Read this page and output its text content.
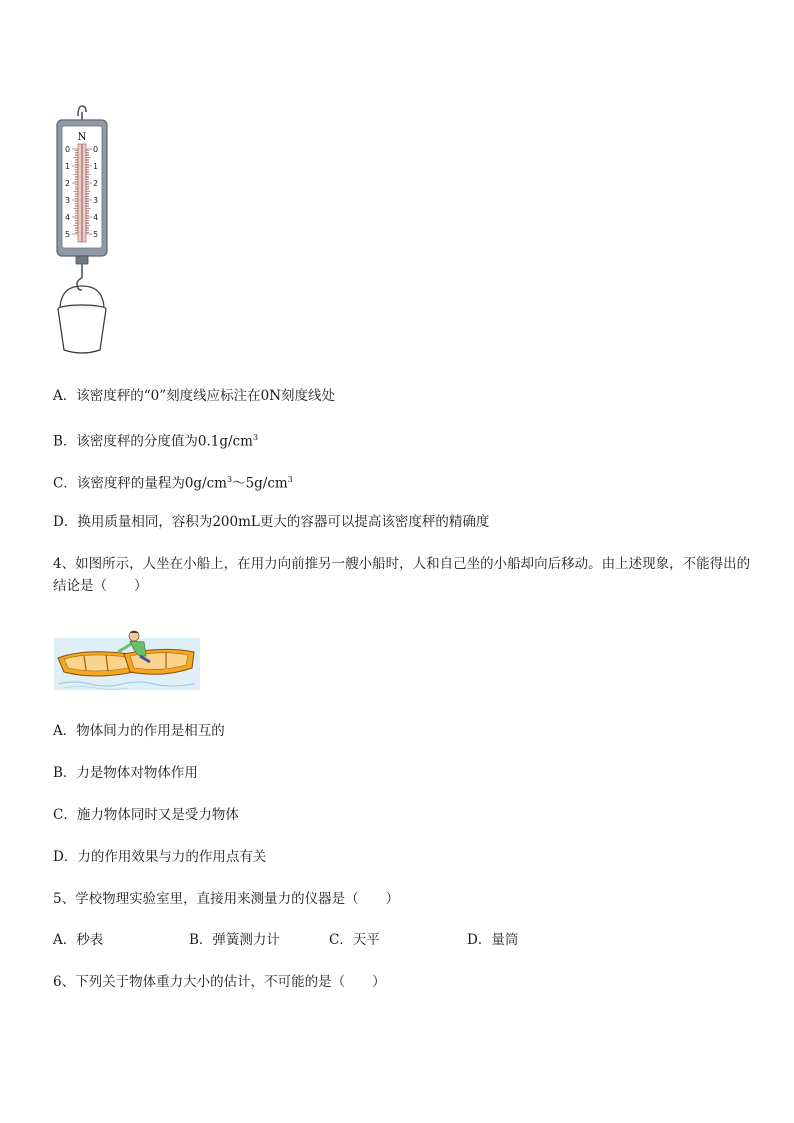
N
0	0
1	1
2	2
3	3
4	4
5	5
A．该密度秤的“0”刻度线应标注在0N刻度线处
B．该密度秤的分度值为$0.1g/cm^3$
C．该密度秤的量程为$0g/cm^3\sim 5g/cm^3$
D．换用质量相同，容积为200mL更大的容器可以提高该密度秤的精确度
4、如图所示，人坐在小船上，在用力向前推另一艘小船时，人和自己坐的小船却向后移动。由上述现象，不能得出的结论是（　　）
A．物体间力的作用是相互的
B．力是物体对物体作用
C．施力物体同时又是受力物体
D．力的作用效果与力的作用点有关
5、学校物理实验室里，直接用来测量力的仪器是（　　）
A．秒表	B．弹簧测力计	C．天平	D．量筒
6、下列关于物体重力大小的估计，不可能的是（　　）
